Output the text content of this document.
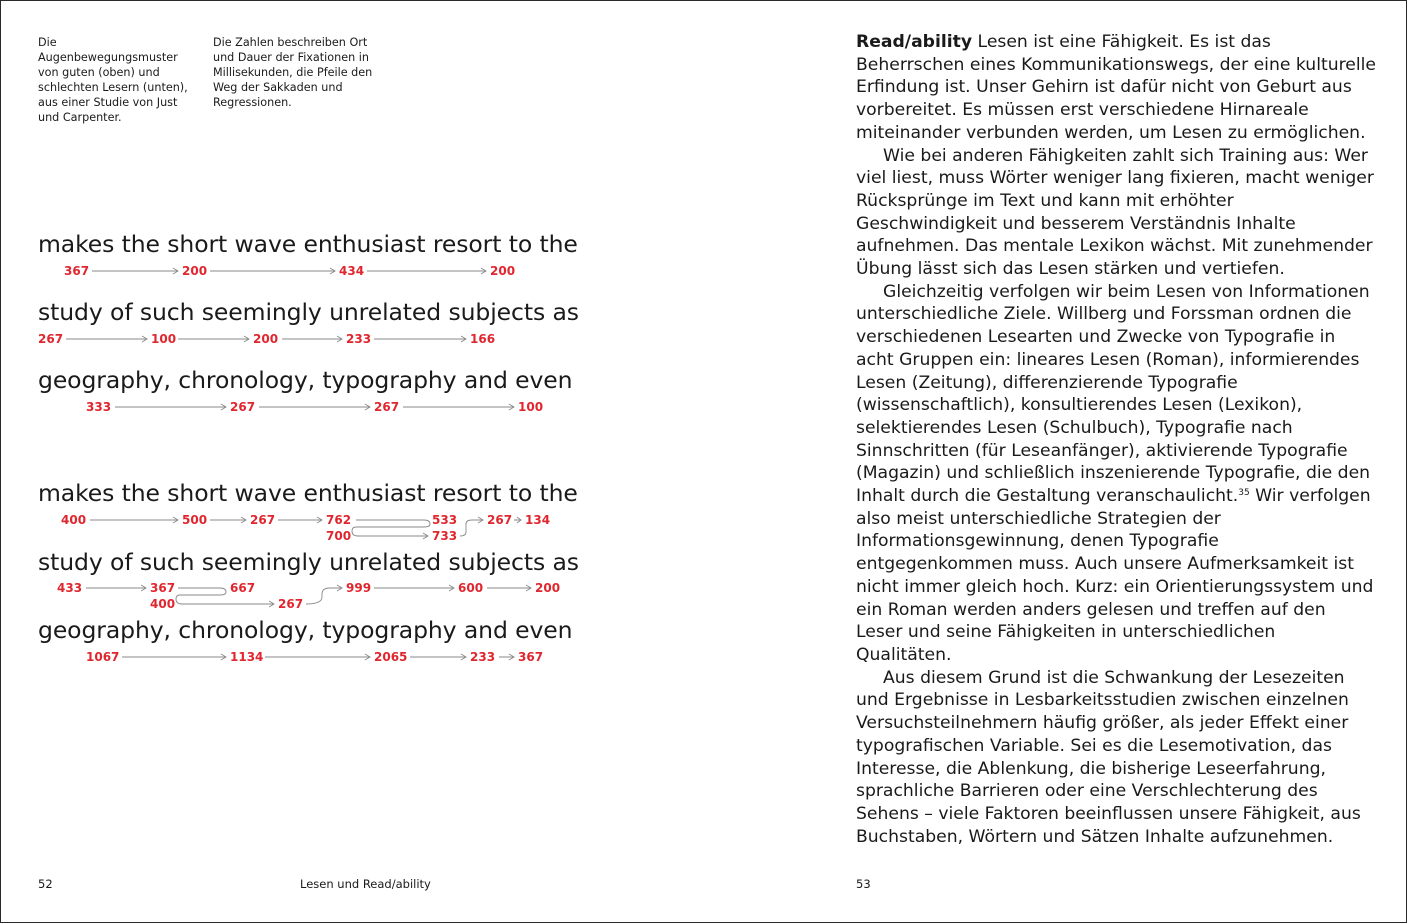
Die Augenbewegungsmuster von guten (oben) und schlechten Lesern (unten), aus einer Studie von Just und Carpenter.
Die Zahlen beschreiben Ort und Dauer der Fixationen in Millisekunden, die Pfeile den Weg der Sakkaden und Regressionen.
makes the short wave enthusiast resort to the
study of such seemingly unrelated subjects as
geography, chronology, typography and even
makes the short wave enthusiast resort to the
study of such seemingly unrelated subjects as
geography, chronology, typography and even
367	200	434	200
267	100	200	233	166
333	267	267	100
400	500	267	762
700
533
733
267 134
433	367
400
667
267
999	600	200
1067	1134	2065	233 367
52	Lesen und Read/ability

Read/ability Lesen ist eine Fähigkeit. Es ist das Beherrschen eines Kommunikationswegs, der eine kulturelle Erfindung ist. Unser Gehirn ist dafür nicht von Geburt aus vorbereitet. Es müssen erst verschiedene Hirnareale miteinander verbunden werden, um Lesen zu ermöglichen.

Wie bei anderen Fähigkeiten zahlt sich Training aus: Wer viel liest, muss Wörter weniger lang fixieren, macht weniger Rücksprünge im Text und kann mit erhöhter Geschwindigkeit und besserem Verständnis Inhalte aufnehmen. Das mentale Lexikon wächst. Mit zunehmender Übung lässt sich das Lesen stärken und vertiefen.

Gleichzeitig verfolgen wir beim Lesen von Informationen unterschiedliche Ziele. Willberg und Forssman ordnen die verschiedenen Lesearten und Zwecke von Typografie in acht Gruppen ein: lineares Lesen (Roman), informierendes Lesen (Zeitung), differenzierende Typografie (wissenschaftlich), konsultierendes Lesen (Lexikon), selektierendes Lesen (Schulbuch), Typografie nach Sinnschritten (für Leseanfänger), aktivierende Typografie (Magazin) und schließlich inszenierende Typografie, die den Inhalt durch die Gestaltung veranschaulicht.$^{35}$ Wir verfolgen also meist unterschiedliche Strategien der Informationsgewinnung, denen Typografie entgegenkommen muss. Auch unsere Aufmerksamkeit ist nicht immer gleich hoch. Kurz: ein Orientierungssystem und ein Roman werden anders gelesen und treffen auf den Leser und seine Fähigkeiten in unterschiedlichen Qualitäten.

Aus diesem Grund ist die Schwankung der Lesezeiten und Ergebnisse in Lesbarkeitsstudien zwischen einzelnen Versuchsteilnehmern häufig größer, als jeder Effekt einer typografischen Variable. Sei es die Lesemotivation, das Interesse, die Ablenkung, die bisherige Leseerfahrung, sprachliche Barrieren oder eine Verschlechterung des Sehens – viele Faktoren beeinflussen unsere Fähigkeit, aus Buchstaben, Wörtern und Sätzen Inhalte aufzunehmen.

53
